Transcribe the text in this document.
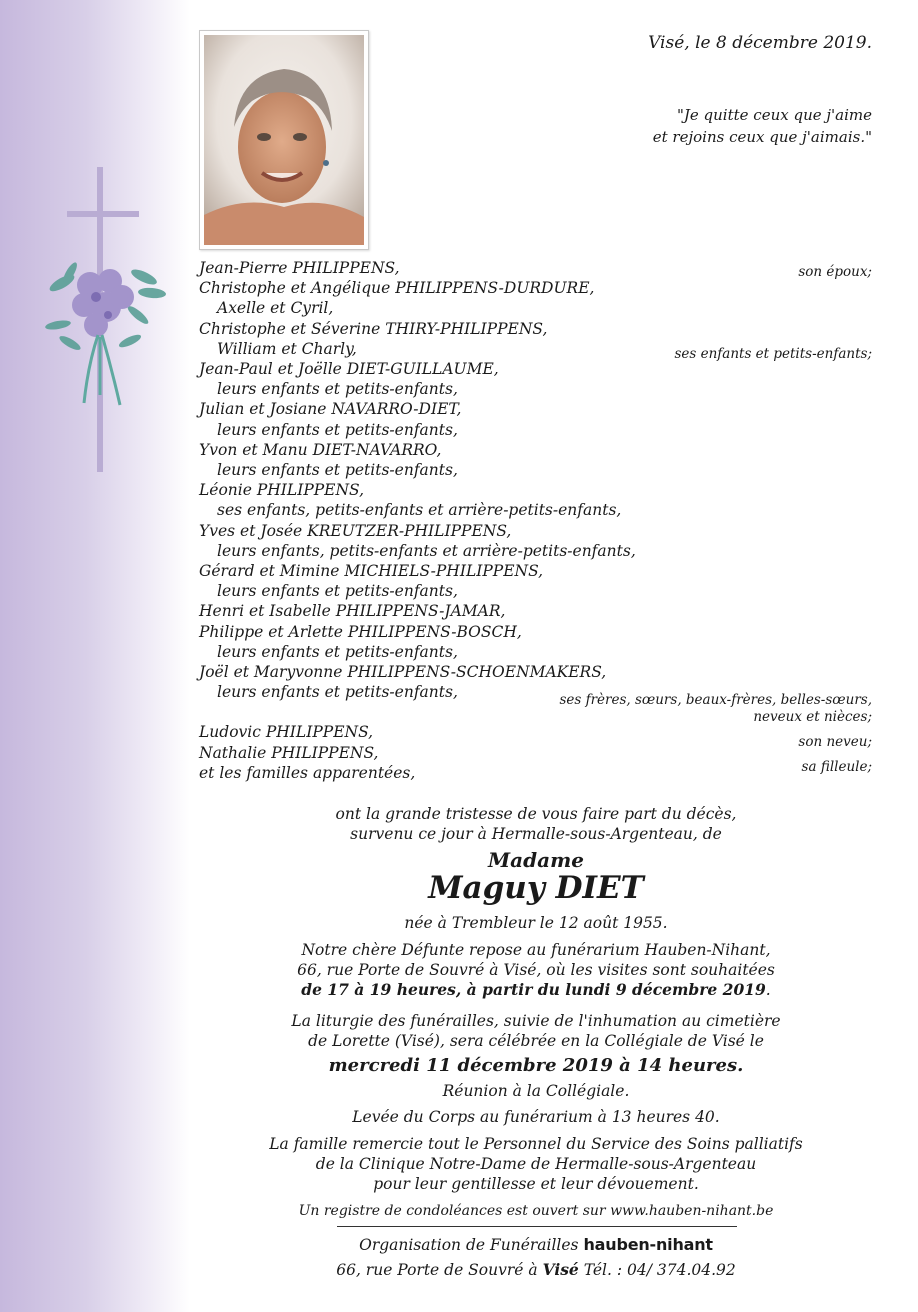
Visé, le 8 décembre 2019.
"Je quitte ceux que j'aime
et rejoins ceux que j'aimais."
Jean-Pierre PHILIPPENS,
Christophe et Angélique PHILIPPENS-DURDURE,
Axelle et Cyril,
Christophe et Séverine THIRY-PHILIPPENS,
William et Charly,
Jean-Paul et Joëlle DIET-GUILLAUME,
leurs enfants et petits-enfants,
Julian et Josiane NAVARRO-DIET,
leurs enfants et petits-enfants,
Yvon et Manu DIET-NAVARRO,
leurs enfants et petits-enfants,
Léonie PHILIPPENS,
ses enfants, petits-enfants et arrière-petits-enfants,
Yves et Josée KREUTZER-PHILIPPENS,
leurs enfants, petits-enfants et arrière-petits-enfants,
Gérard et Mimine MICHIELS-PHILIPPENS,
leurs enfants et petits-enfants,
Henri et Isabelle PHILIPPENS-JAMAR,
Philippe et Arlette PHILIPPENS-BOSCH,
leurs enfants et petits-enfants,
Joël et Maryvonne PHILIPPENS-SCHOENMAKERS,
leurs enfants et petits-enfants,
Ludovic PHILIPPENS,
Nathalie PHILIPPENS,
et les familles apparentées,
son époux;
ses enfants et petits-enfants;
ses frères, sœurs, beaux-frères, belles-sœurs,
neveux et nièces;
son neveu;
sa filleule;
ont la grande tristesse de vous faire part du décès,
survenu ce jour à Hermalle-sous-Argenteau, de
Madame
Maguy DIET
née à Trembleur le 12 août 1955.
Notre chère Défunte repose au funérarium Hauben-Nihant,
66, rue Porte de Souvré à Visé, où les visites sont souhaitées
de 17 à 19 heures, à partir du lundi 9 décembre 2019.
La liturgie des funérailles, suivie de l'inhumation au cimetière
de Lorette (Visé), sera célébrée en la Collégiale de Visé le
mercredi 11 décembre 2019 à 14 heures.
Réunion à la Collégiale.
Levée du Corps au funérarium à 13 heures 40.
La famille remercie tout le Personnel du Service des Soins palliatifs
de la Clinique Notre-Dame de Hermalle-sous-Argenteau
pour leur gentillesse et leur dévouement.
Un registre de condoléances est ouvert sur www.hauben-nihant.be
Organisation de Funérailles hauben-nihant
66, rue Porte de Souvré à Visé Tél. : 04/ 374.04.92
